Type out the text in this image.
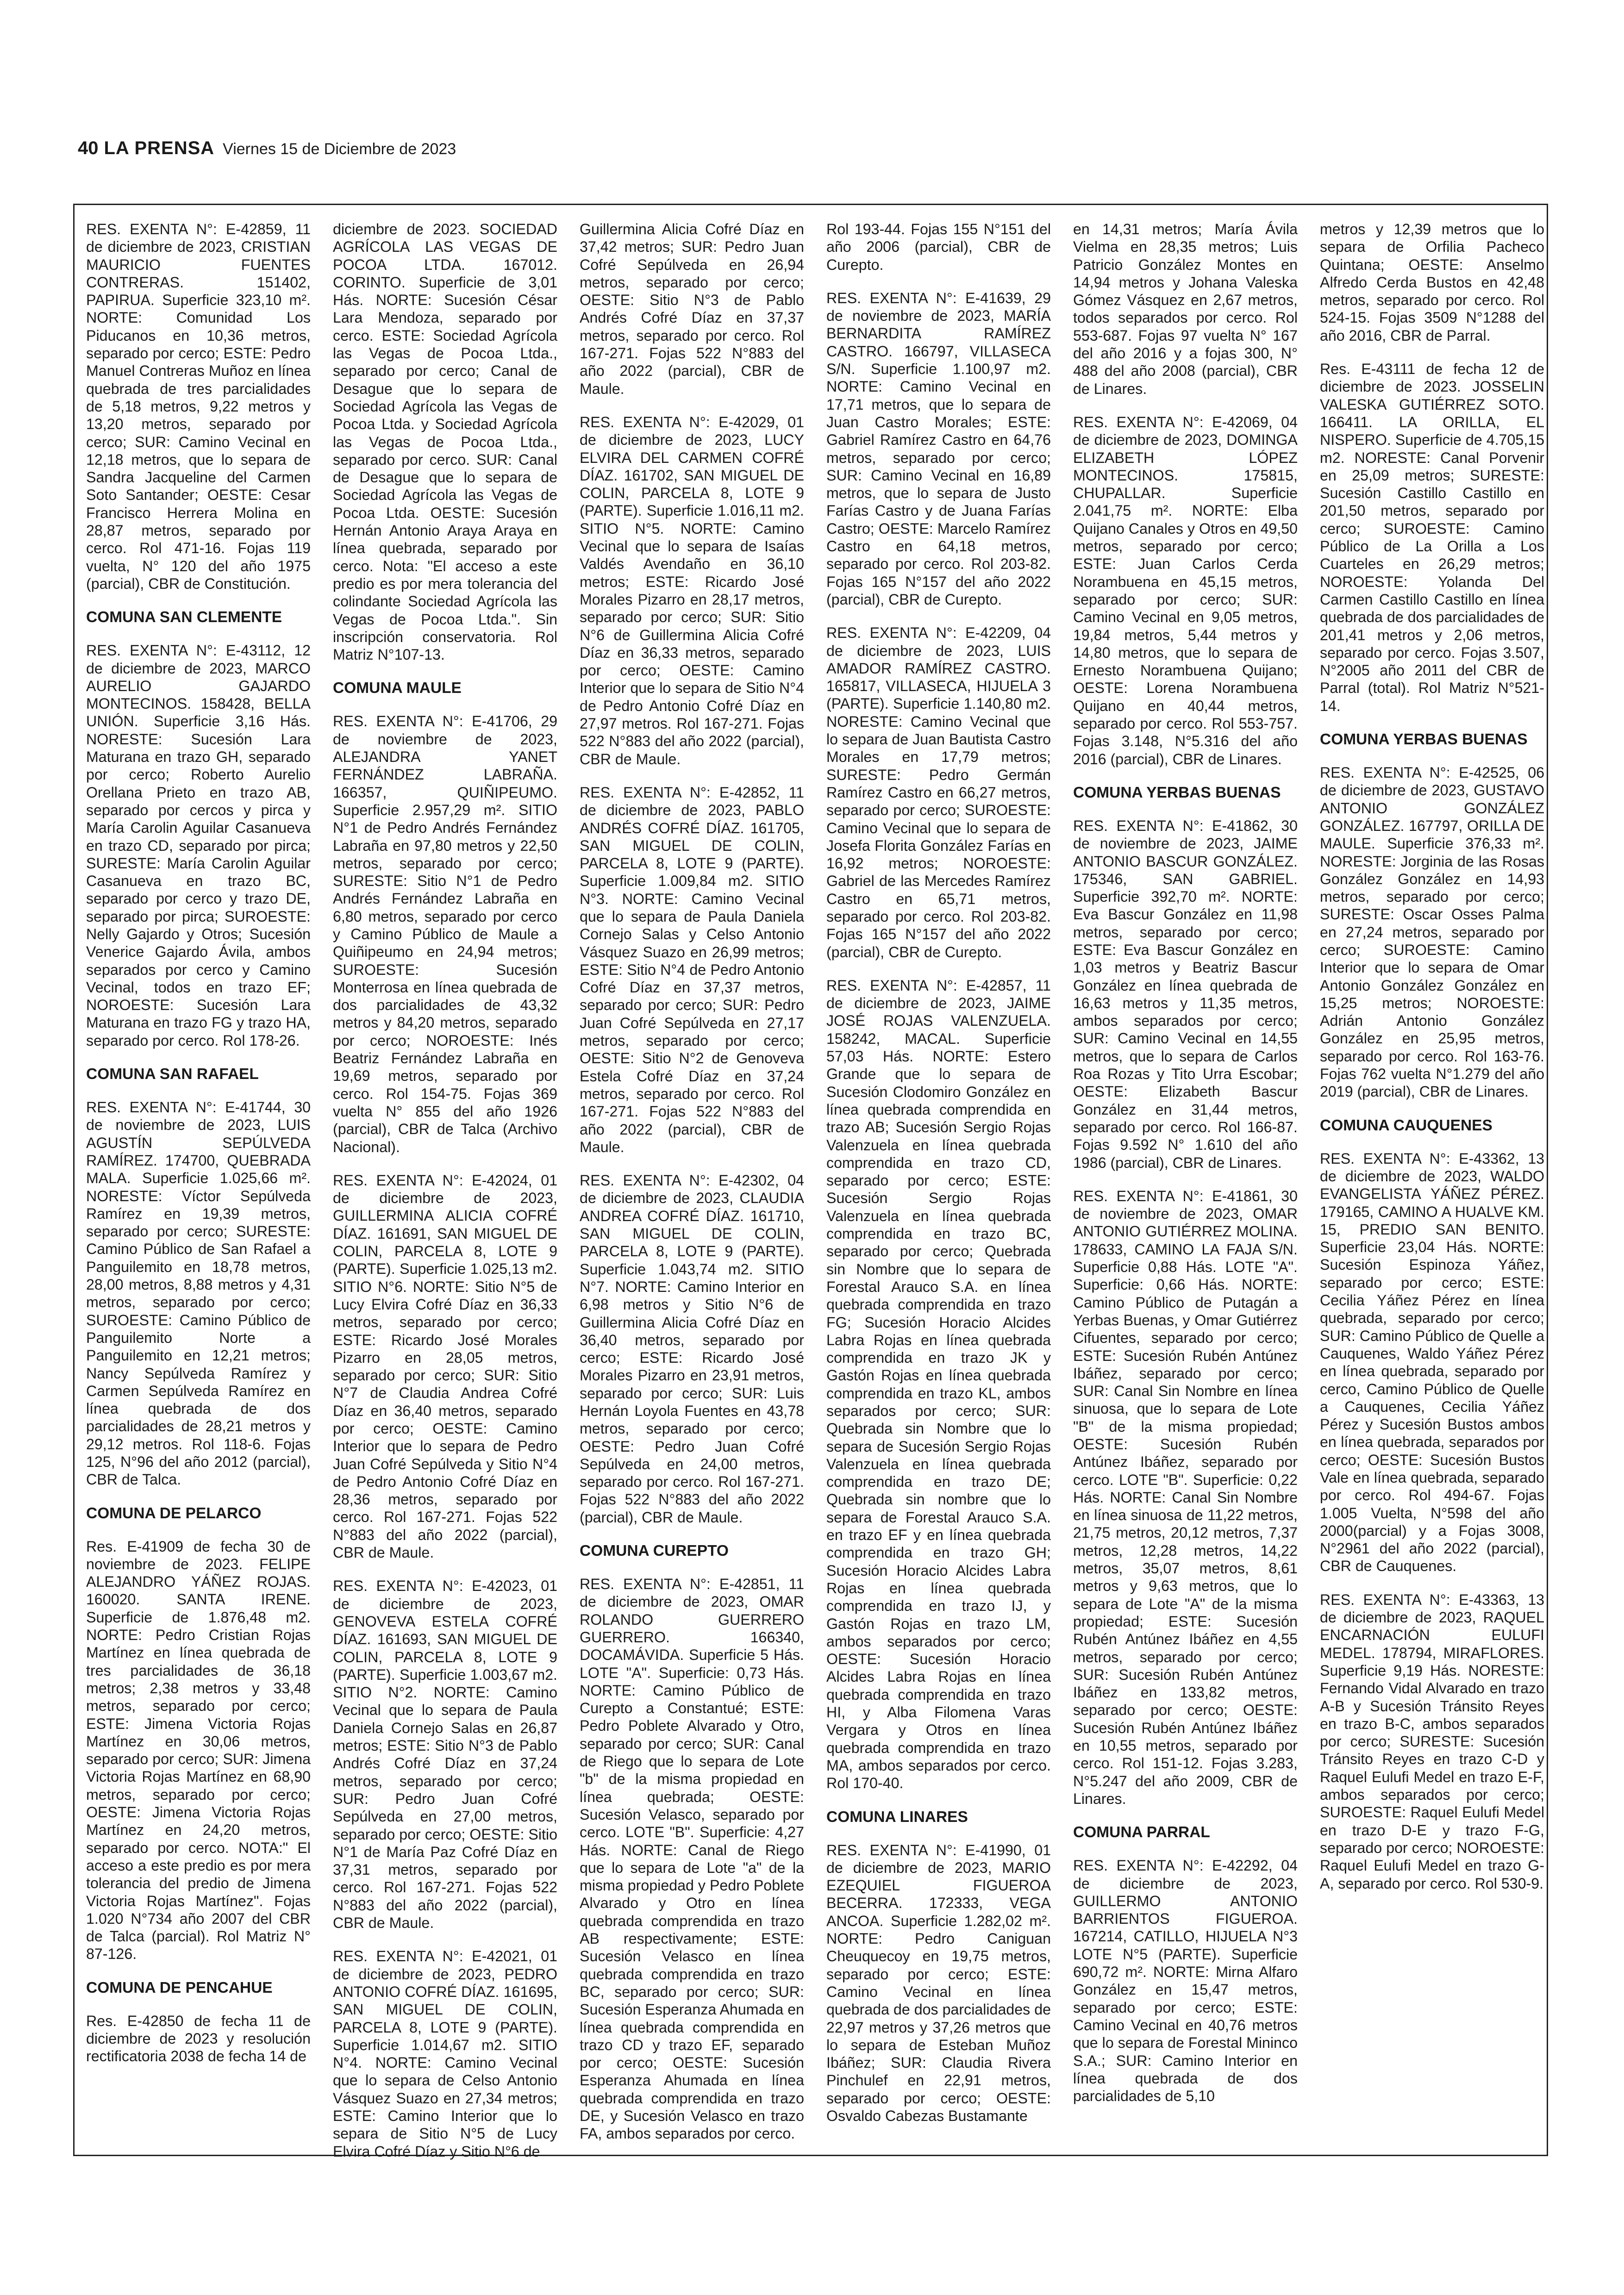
40 LA PRENSA Viernes 15 de Diciembre de 2023

RES. EXENTA N°: E-42859, 11 de diciembre de 2023, CRISTIAN MAURICIO FUENTES CONTRERAS. 151402, PAPIRUA. Superficie 323,10 m². NORTE: Comunidad Los Piducanos en 10,36 metros, separado por cerco; ESTE: Pedro Manuel Contreras Muñoz en línea quebrada de tres parcialidades de 5,18 metros, 9,22 metros y 13,20 metros, separado por cerco; SUR: Camino Vecinal en 12,18 metros, que lo separa de Sandra Jacqueline del Carmen Soto Santander; OESTE: Cesar Francisco Herrera Molina en 28,87 metros, separado por cerco. Rol 471-16. Fojas 119 vuelta, N° 120 del año 1975 (parcial), CBR de Constitución.

COMUNA SAN CLEMENTE

RES. EXENTA N°: E-43112, 12 de diciembre de 2023, MARCO AURELIO GAJARDO MONTECINOS. 158428, BELLA UNIÓN. Superficie 3,16 Hás. NORESTE: Sucesión Lara Maturana en trazo GH, separado por cerco; Roberto Aurelio Orellana Prieto en trazo AB, separado por cercos y pirca y María Carolin Aguilar Casanueva en trazo CD, separado por pirca; SURESTE: María Carolin Aguilar Casanueva en trazo BC, separado por cerco y trazo DE, separado por pirca; SUROESTE: Nelly Gajardo y Otros; Sucesión Venerice Gajardo Ávila, ambos separados por cerco y Camino Vecinal, todos en trazo EF; NOROESTE: Sucesión Lara Maturana en trazo FG y trazo HA, separado por cerco. Rol 178-26.

COMUNA SAN RAFAEL

RES. EXENTA N°: E-41744, 30 de noviembre de 2023, LUIS AGUSTÍN SEPÚLVEDA RAMÍREZ. 174700, QUEBRADA MALA. Superficie 1.025,66 m². NORESTE: Víctor Sepúlveda Ramírez en 19,39 metros, separado por cerco; SURESTE: Camino Público de San Rafael a Panguilemito en 18,78 metros, 28,00 metros, 8,88 metros y 4,31 metros, separado por cerco; SUROESTE: Camino Público de Panguilemito Norte a Panguilemito en 12,21 metros; Nancy Sepúlveda Ramírez y Carmen Sepúlveda Ramírez en línea quebrada de dos parcialidades de 28,21 metros y 29,12 metros. Rol 118-6. Fojas 125, N°96 del año 2012 (parcial), CBR de Talca.

COMUNA DE PELARCO

Res. E-41909 de fecha 30 de noviembre de 2023. FELIPE ALEJANDRO YÁÑEZ ROJAS. 160020. SANTA IRENE. Superficie de 1.876,48 m2. NORTE: Pedro Cristian Rojas Martínez en línea quebrada de tres parcialidades de 36,18 metros; 2,38 metros y 33,48 metros, separado por cerco; ESTE: Jimena Victoria Rojas Martínez en 30,06 metros, separado por cerco; SUR: Jimena Victoria Rojas Martínez en 68,90 metros, separado por cerco; OESTE: Jimena Victoria Rojas Martínez en 24,20 metros, separado por cerco. NOTA:" El acceso a este predio es por mera tolerancia del predio de Jimena Victoria Rojas Martínez". Fojas 1.020 N°734 año 2007 del CBR de Talca (parcial). Rol Matriz N° 87-126.

COMUNA DE PENCAHUE

Res. E-42850 de fecha 11 de diciembre de 2023 y resolución rectificatoria 2038 de fecha 14 de

diciembre de 2023. SOCIEDAD AGRÍCOLA LAS VEGAS DE POCOA LTDA. 167012. CORINTO. Superficie de 3,01 Hás. NORTE: Sucesión César Lara Mendoza, separado por cerco. ESTE: Sociedad Agrícola las Vegas de Pocoa Ltda., separado por cerco; Canal de Desague que lo separa de Sociedad Agrícola las Vegas de Pocoa Ltda. y Sociedad Agrícola las Vegas de Pocoa Ltda., separado por cerco. SUR: Canal de Desague que lo separa de Sociedad Agrícola las Vegas de Pocoa Ltda. OESTE: Sucesión Hernán Antonio Araya Araya en línea quebrada, separado por cerco. Nota: "El acceso a este predio es por mera tolerancia del colindante Sociedad Agrícola las Vegas de Pocoa Ltda.". Sin inscripción conservatoria. Rol Matriz N°107-13.

COMUNA MAULE

RES. EXENTA N°: E-41706, 29 de noviembre de 2023, ALEJANDRA YANET FERNÁNDEZ LABRAÑA. 166357, QUIÑIPEUMO. Superficie 2.957,29 m². SITIO N°1 de Pedro Andrés Fernández Labraña en 97,80 metros y 22,50 metros, separado por cerco; SURESTE: Sitio N°1 de Pedro Andrés Fernández Labraña en 6,80 metros, separado por cerco y Camino Público de Maule a Quiñipeumo en 24,94 metros; SUROESTE: Sucesión Monterrosa en línea quebrada de dos parcialidades de 43,32 metros y 84,20 metros, separado por cerco; NOROESTE: Inés Beatriz Fernández Labraña en 19,69 metros, separado por cerco. Rol 154-75. Fojas 369 vuelta N° 855 del año 1926 (parcial), CBR de Talca (Archivo Nacional).

RES. EXENTA N°: E-42024, 01 de diciembre de 2023, GUILLERMINA ALICIA COFRÉ DÍAZ. 161691, SAN MIGUEL DE COLIN, PARCELA 8, LOTE 9 (PARTE). Superficie 1.025,13 m2. SITIO N°6. NORTE: Sitio N°5 de Lucy Elvira Cofré Díaz en 36,33 metros, separado por cerco; ESTE: Ricardo José Morales Pizarro en 28,05 metros, separado por cerco; SUR: Sitio N°7 de Claudia Andrea Cofré Díaz en 36,40 metros, separado por cerco; OESTE: Camino Interior que lo separa de Pedro Juan Cofré Sepúlveda y Sitio N°4 de Pedro Antonio Cofré Díaz en 28,36 metros, separado por cerco. Rol 167-271. Fojas 522 N°883 del año 2022 (parcial), CBR de Maule.

RES. EXENTA N°: E-42023, 01 de diciembre de 2023, GENOVEVA ESTELA COFRÉ DÍAZ. 161693, SAN MIGUEL DE COLIN, PARCELA 8, LOTE 9 (PARTE). Superficie 1.003,67 m2. SITIO N°2. NORTE: Camino Vecinal que lo separa de Paula Daniela Cornejo Salas en 26,87 metros; ESTE: Sitio N°3 de Pablo Andrés Cofré Díaz en 37,24 metros, separado por cerco; SUR: Pedro Juan Cofré Sepúlveda en 27,00 metros, separado por cerco; OESTE: Sitio N°1 de María Paz Cofré Díaz en 37,31 metros, separado por cerco. Rol 167-271. Fojas 522 N°883 del año 2022 (parcial), CBR de Maule.

RES. EXENTA N°: E-42021, 01 de diciembre de 2023, PEDRO ANTONIO COFRÉ DÍAZ. 161695, SAN MIGUEL DE COLIN, PARCELA 8, LOTE 9 (PARTE). Superficie 1.014,67 m2. SITIO N°4. NORTE: Camino Vecinal que lo separa de Celso Antonio Vásquez Suazo en 27,34 metros; ESTE: Camino Interior que lo separa de Sitio N°5 de Lucy Elvira Cofré Díaz y Sitio N°6 de

Guillermina Alicia Cofré Díaz en 37,42 metros; SUR: Pedro Juan Cofré Sepúlveda en 26,94 metros, separado por cerco; OESTE: Sitio N°3 de Pablo Andrés Cofré Díaz en 37,37 metros, separado por cerco. Rol 167-271. Fojas 522 N°883 del año 2022 (parcial), CBR de Maule.

RES. EXENTA N°: E-42029, 01 de diciembre de 2023, LUCY ELVIRA DEL CARMEN COFRÉ DÍAZ. 161702, SAN MIGUEL DE COLIN, PARCELA 8, LOTE 9 (PARTE). Superficie 1.016,11 m2. SITIO N°5. NORTE: Camino Vecinal que lo separa de Isaías Valdés Avendaño en 36,10 metros; ESTE: Ricardo José Morales Pizarro en 28,17 metros, separado por cerco; SUR: Sitio N°6 de Guillermina Alicia Cofré Díaz en 36,33 metros, separado por cerco; OESTE: Camino Interior que lo separa de Sitio N°4 de Pedro Antonio Cofré Díaz en 27,97 metros. Rol 167-271. Fojas 522 N°883 del año 2022 (parcial), CBR de Maule.

RES. EXENTA N°: E-42852, 11 de diciembre de 2023, PABLO ANDRÉS COFRÉ DÍAZ. 161705, SAN MIGUEL DE COLIN, PARCELA 8, LOTE 9 (PARTE). Superficie 1.009,84 m2. SITIO N°3. NORTE: Camino Vecinal que lo separa de Paula Daniela Cornejo Salas y Celso Antonio Vásquez Suazo en 26,99 metros; ESTE: Sitio N°4 de Pedro Antonio Cofré Díaz en 37,37 metros, separado por cerco; SUR: Pedro Juan Cofré Sepúlveda en 27,17 metros, separado por cerco; OESTE: Sitio N°2 de Genoveva Estela Cofré Díaz en 37,24 metros, separado por cerco. Rol 167-271. Fojas 522 N°883 del año 2022 (parcial), CBR de Maule.

RES. EXENTA N°: E-42302, 04 de diciembre de 2023, CLAUDIA ANDREA COFRÉ DÍAZ. 161710, SAN MIGUEL DE COLIN, PARCELA 8, LOTE 9 (PARTE). Superficie 1.043,74 m2. SITIO N°7. NORTE: Camino Interior en 6,98 metros y Sitio N°6 de Guillermina Alicia Cofré Díaz en 36,40 metros, separado por cerco; ESTE: Ricardo José Morales Pizarro en 23,91 metros, separado por cerco; SUR: Luis Hernán Loyola Fuentes en 43,78 metros, separado por cerco; OESTE: Pedro Juan Cofré Sepúlveda en 24,00 metros, separado por cerco. Rol 167-271. Fojas 522 N°883 del año 2022 (parcial), CBR de Maule.

COMUNA CUREPTO

RES. EXENTA N°: E-42851, 11 de diciembre de 2023, OMAR ROLANDO GUERRERO GUERRERO. 166340, DOCAMÁVIDA. Superficie 5 Hás. LOTE "A". Superficie: 0,73 Hás. NORTE: Camino Público de Curepto a Constantué; ESTE: Pedro Poblete Alvarado y Otro, separado por cerco; SUR: Canal de Riego que lo separa de Lote "b" de la misma propiedad en línea quebrada; OESTE: Sucesión Velasco, separado por cerco. LOTE "B". Superficie: 4,27 Hás. NORTE: Canal de Riego que lo separa de Lote "a" de la misma propiedad y Pedro Poblete Alvarado y Otro en línea quebrada comprendida en trazo AB respectivamente; ESTE: Sucesión Velasco en línea quebrada comprendida en trazo BC, separado por cerco; SUR: Sucesión Esperanza Ahumada en línea quebrada comprendida en trazo CD y trazo EF, separado por cerco; OESTE: Sucesión Esperanza Ahumada en línea quebrada comprendida en trazo DE, y Sucesión Velasco en trazo FA, ambos separados por cerco.

Rol 193-44. Fojas 155 N°151 del año 2006 (parcial), CBR de Curepto.

RES. EXENTA N°: E-41639, 29 de noviembre de 2023, MARÍA BERNARDITA RAMÍREZ CASTRO. 166797, VILLASECA S/N. Superficie 1.100,97 m2. NORTE: Camino Vecinal en 17,71 metros, que lo separa de Juan Castro Morales; ESTE: Gabriel Ramírez Castro en 64,76 metros, separado por cerco; SUR: Camino Vecinal en 16,89 metros, que lo separa de Justo Farías Castro y de Juana Farías Castro; OESTE: Marcelo Ramírez Castro en 64,18 metros, separado por cerco. Rol 203-82. Fojas 165 N°157 del año 2022 (parcial), CBR de Curepto.

RES. EXENTA N°: E-42209, 04 de diciembre de 2023, LUIS AMADOR RAMÍREZ CASTRO. 165817, VILLASECA, HIJUELA 3 (PARTE). Superficie 1.140,80 m2. NORESTE: Camino Vecinal que lo separa de Juan Bautista Castro Morales en 17,79 metros; SURESTE: Pedro Germán Ramírez Castro en 66,27 metros, separado por cerco; SUROESTE: Camino Vecinal que lo separa de Josefa Florita González Farías en 16,92 metros; NOROESTE: Gabriel de las Mercedes Ramírez Castro en 65,71 metros, separado por cerco. Rol 203-82. Fojas 165 N°157 del año 2022 (parcial), CBR de Curepto.

RES. EXENTA N°: E-42857, 11 de diciembre de 2023, JAIME JOSÉ ROJAS VALENZUELA. 158242, MACAL. Superficie 57,03 Hás. NORTE: Estero Grande que lo separa de Sucesión Clodomiro González en línea quebrada comprendida en trazo AB; Sucesión Sergio Rojas Valenzuela en línea quebrada comprendida en trazo CD, separado por cerco; ESTE: Sucesión Sergio Rojas Valenzuela en línea quebrada comprendida en trazo BC, separado por cerco; Quebrada sin Nombre que lo separa de Forestal Arauco S.A. en línea quebrada comprendida en trazo FG; Sucesión Horacio Alcides Labra Rojas en línea quebrada comprendida en trazo JK y Gastón Rojas en línea quebrada comprendida en trazo KL, ambos separados por cerco; SUR: Quebrada sin Nombre que lo separa de Sucesión Sergio Rojas Valenzuela en línea quebrada comprendida en trazo DE; Quebrada sin nombre que lo separa de Forestal Arauco S.A. en trazo EF y en línea quebrada comprendida en trazo GH; Sucesión Horacio Alcides Labra Rojas en línea quebrada comprendida en trazo IJ, y Gastón Rojas en trazo LM, ambos separados por cerco; OESTE: Sucesión Horacio Alcides Labra Rojas en línea quebrada comprendida en trazo HI, y Alba Filomena Varas Vergara y Otros en línea quebrada comprendida en trazo MA, ambos separados por cerco. Rol 170-40.

COMUNA LINARES

RES. EXENTA N°: E-41990, 01 de diciembre de 2023, MARIO EZEQUIEL FIGUEROA BECERRA. 172333, VEGA ANCOA. Superficie 1.282,02 m². NORTE: Pedro Caniguan Cheuquecoy en 19,75 metros, separado por cerco; ESTE: Camino Vecinal en línea quebrada de dos parcialidades de 22,97 metros y 37,26 metros que lo separa de Esteban Muñoz Ibáñez; SUR: Claudia Rivera Pinchulef en 22,91 metros, separado por cerco; OESTE: Osvaldo Cabezas Bustamante

en 14,31 metros; María Ávila Vielma en 28,35 metros; Luis Patricio González Montes en 14,94 metros y Johana Valeska Gómez Vásquez en 2,67 metros, todos separados por cerco. Rol 553-687. Fojas 97 vuelta N° 167 del año 2016 y a fojas 300, N° 488 del año 2008 (parcial), CBR de Linares.

RES. EXENTA N°: E-42069, 04 de diciembre de 2023, DOMINGA ELIZABETH LÓPEZ MONTECINOS. 175815, CHUPALLAR. Superficie 2.041,75 m². NORTE: Elba Quijano Canales y Otros en 49,50 metros, separado por cerco; ESTE: Juan Carlos Cerda Norambuena en 45,15 metros, separado por cerco; SUR: Camino Vecinal en 9,05 metros, 19,84 metros, 5,44 metros y 14,80 metros, que lo separa de Ernesto Norambuena Quijano; OESTE: Lorena Norambuena Quijano en 40,44 metros, separado por cerco. Rol 553-757. Fojas 3.148, N°5.316 del año 2016 (parcial), CBR de Linares.

COMUNA YERBAS BUENAS

RES. EXENTA N°: E-41862, 30 de noviembre de 2023, JAIME ANTONIO BASCUR GONZÁLEZ. 175346, SAN GABRIEL. Superficie 392,70 m². NORTE: Eva Bascur González en 11,98 metros, separado por cerco; ESTE: Eva Bascur González en 1,03 metros y Beatriz Bascur González en línea quebrada de 16,63 metros y 11,35 metros, ambos separados por cerco; SUR: Camino Vecinal en 14,55 metros, que lo separa de Carlos Roa Rozas y Tito Urra Escobar; OESTE: Elizabeth Bascur González en 31,44 metros, separado por cerco. Rol 166-87. Fojas 9.592 N° 1.610 del año 1986 (parcial), CBR de Linares.

RES. EXENTA N°: E-41861, 30 de noviembre de 2023, OMAR ANTONIO GUTIÉRREZ MOLINA. 178633, CAMINO LA FAJA S/N. Superficie 0,88 Hás. LOTE "A". Superficie: 0,66 Hás. NORTE: Camino Público de Putagán a Yerbas Buenas, y Omar Gutiérrez Cifuentes, separado por cerco; ESTE: Sucesión Rubén Antúnez Ibáñez, separado por cerco; SUR: Canal Sin Nombre en línea sinuosa, que lo separa de Lote "B" de la misma propiedad; OESTE: Sucesión Rubén Antúnez Ibáñez, separado por cerco. LOTE "B". Superficie: 0,22 Hás. NORTE: Canal Sin Nombre en línea sinuosa de 11,22 metros, 21,75 metros, 20,12 metros, 7,37 metros, 12,28 metros, 14,22 metros, 35,07 metros, 8,61 metros y 9,63 metros, que lo separa de Lote "A" de la misma propiedad; ESTE: Sucesión Rubén Antúnez Ibáñez en 4,55 metros, separado por cerco; SUR: Sucesión Rubén Antúnez Ibáñez en 133,82 metros, separado por cerco; OESTE: Sucesión Rubén Antúnez Ibáñez en 10,55 metros, separado por cerco. Rol 151-12. Fojas 3.283, N°5.247 del año 2009, CBR de Linares.

COMUNA PARRAL

RES. EXENTA N°: E-42292, 04 de diciembre de 2023, GUILLERMO ANTONIO BARRIENTOS FIGUEROA. 167214, CATILLO, HIJUELA N°3 LOTE N°5 (PARTE). Superficie 690,72 m². NORTE: Mirna Alfaro González en 15,47 metros, separado por cerco; ESTE: Camino Vecinal en 40,76 metros que lo separa de Forestal Mininco S.A.; SUR: Camino Interior en línea quebrada de dos parcialidades de 5,10

metros y 12,39 metros que lo separa de Orfilia Pacheco Quintana; OESTE: Anselmo Alfredo Cerda Bustos en 42,48 metros, separado por cerco. Rol 524-15. Fojas 3509 N°1288 del año 2016, CBR de Parral.

Res. E-43111 de fecha 12 de diciembre de 2023. JOSSELIN VALESKA GUTIÉRREZ SOTO. 166411. LA ORILLA, EL NISPERO. Superficie de 4.705,15 m2. NORESTE: Canal Porvenir en 25,09 metros; SURESTE: Sucesión Castillo Castillo en 201,50 metros, separado por cerco; SUROESTE: Camino Público de La Orilla a Los Cuarteles en 26,29 metros; NOROESTE: Yolanda Del Carmen Castillo Castillo en línea quebrada de dos parcialidades de 201,41 metros y 2,06 metros, separado por cerco. Fojas 3.507, N°2005 año 2011 del CBR de Parral (total). Rol Matriz N°521-14.

COMUNA YERBAS BUENAS

RES. EXENTA N°: E-42525, 06 de diciembre de 2023, GUSTAVO ANTONIO GONZÁLEZ GONZÁLEZ. 167797, ORILLA DE MAULE. Superficie 376,33 m². NORESTE: Jorginia de las Rosas González González en 14,93 metros, separado por cerco; SURESTE: Oscar Osses Palma en 27,24 metros, separado por cerco; SUROESTE: Camino Interior que lo separa de Omar Antonio González González en 15,25 metros; NOROESTE: Adrián Antonio González González en 25,95 metros, separado por cerco. Rol 163-76. Fojas 762 vuelta N°1.279 del año 2019 (parcial), CBR de Linares.

COMUNA CAUQUENES

RES. EXENTA N°: E-43362, 13 de diciembre de 2023, WALDO EVANGELISTA YÁÑEZ PÉREZ. 179165, CAMINO A HUALVE KM. 15, PREDIO SAN BENITO. Superficie 23,04 Hás. NORTE: Sucesión Espinoza Yáñez, separado por cerco; ESTE: Cecilia Yáñez Pérez en línea quebrada, separado por cerco; SUR: Camino Público de Quelle a Cauquenes, Waldo Yáñez Pérez en línea quebrada, separado por cerco, Camino Público de Quelle a Cauquenes, Cecilia Yáñez Pérez y Sucesión Bustos ambos en línea quebrada, separados por cerco; OESTE: Sucesión Bustos Vale en línea quebrada, separado por cerco. Rol 494-67. Fojas 1.005 Vuelta, N°598 del año 2000(parcial) y a Fojas 3008, N°2961 del año 2022 (parcial), CBR de Cauquenes.

RES. EXENTA N°: E-43363, 13 de diciembre de 2023, RAQUEL ENCARNACIÓN EULUFI MEDEL. 178794, MIRAFLORES. Superficie 9,19 Hás. NORESTE: Fernando Vidal Alvarado en trazo A-B y Sucesión Tránsito Reyes en trazo B-C, ambos separados por cerco; SURESTE: Sucesión Tránsito Reyes en trazo C-D y Raquel Eulufi Medel en trazo E-F, ambos separados por cerco; SUROESTE: Raquel Eulufi Medel en trazo D-E y trazo F-G, separado por cerco; NOROESTE: Raquel Eulufi Medel en trazo G-A, separado por cerco. Rol 530-9.
